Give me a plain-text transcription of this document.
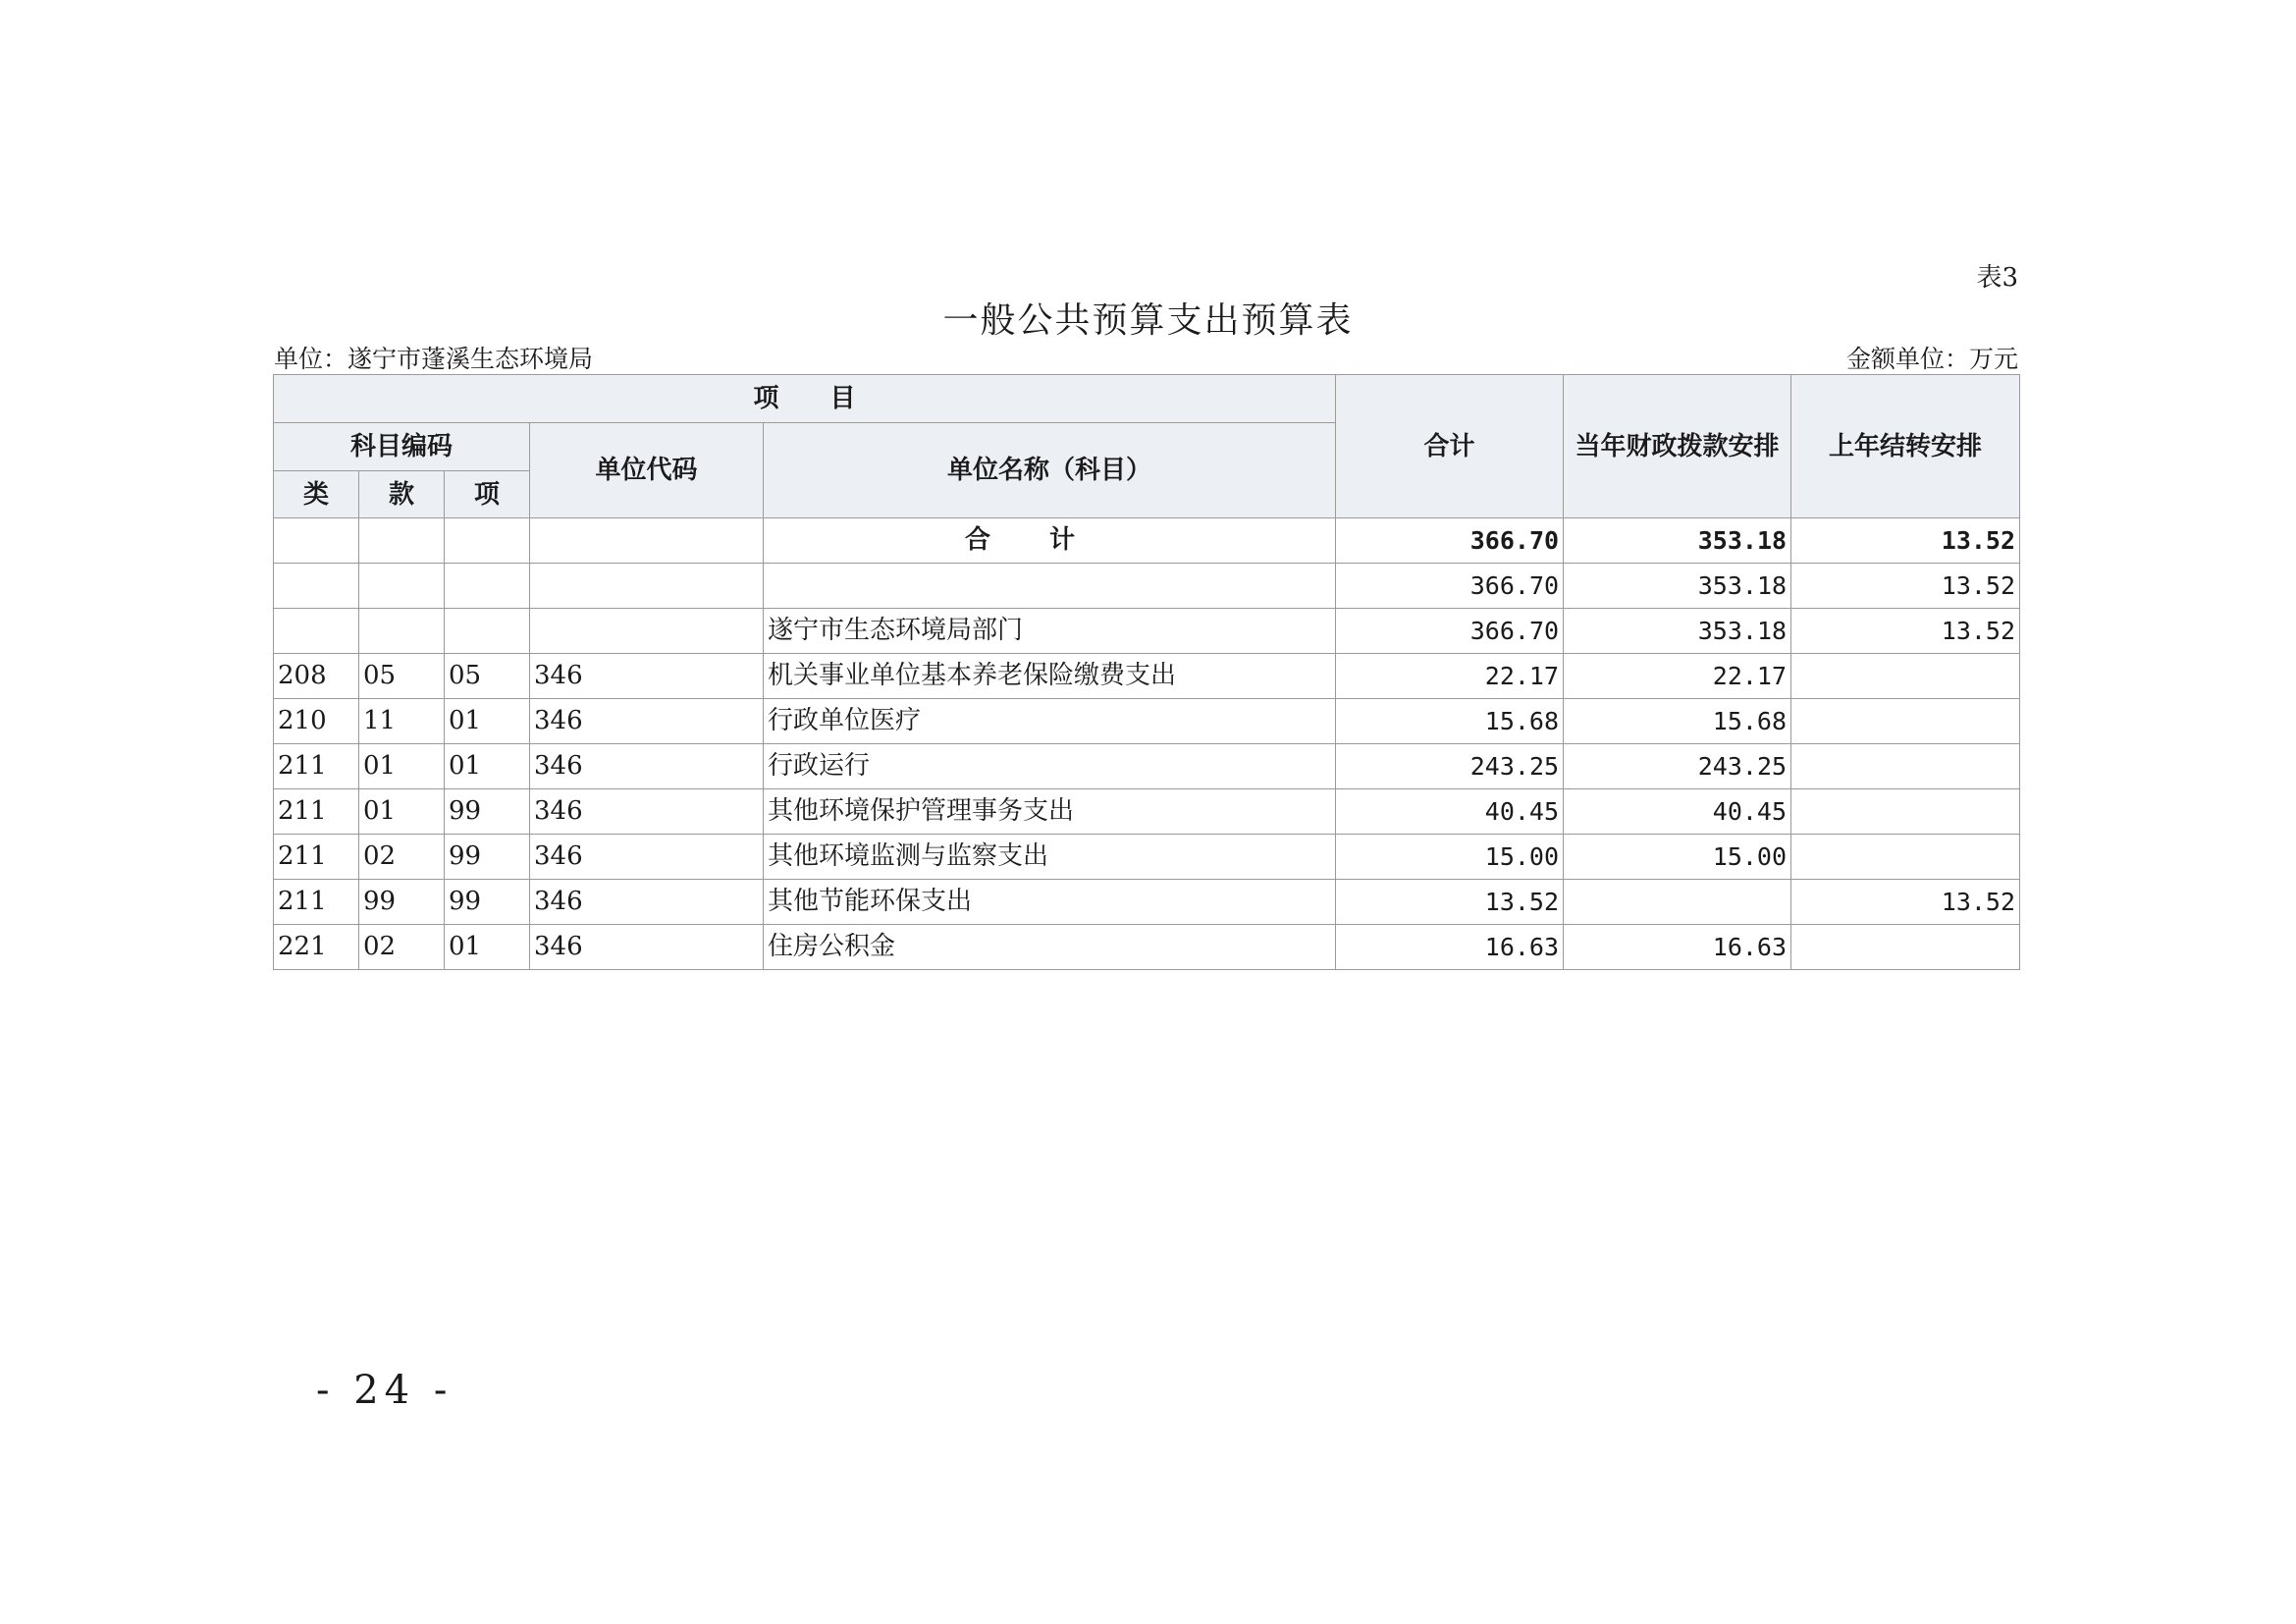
表3
一般公共预算支出预算表
单位：遂宁市蓬溪生态环境局	金额单位：万元
项　　目					合计	当年财政拨款安排	上年结转安排
科目编码			单位代码	单位名称（科目）			
类	款	项					
				合计	366.70	353.18	13.52
					366.70	353.18	13.52
				遂宁市生态环境局部门	366.70	353.18	13.52
208	05	05	346	机关事业单位基本养老保险缴费支出	22.17	22.17	
210	11	01	346	行政单位医疗	15.68	15.68	
211	01	01	346	行政运行	243.25	243.25	
211	01	99	346	其他环境保护管理事务支出	40.45	40.45	
211	02	99	346	其他环境监测与监察支出	15.00	15.00	
211	99	99	346	其他节能环保支出	13.52		13.52
221	02	01	346	住房公积金	16.63	16.63	
- 24 -
